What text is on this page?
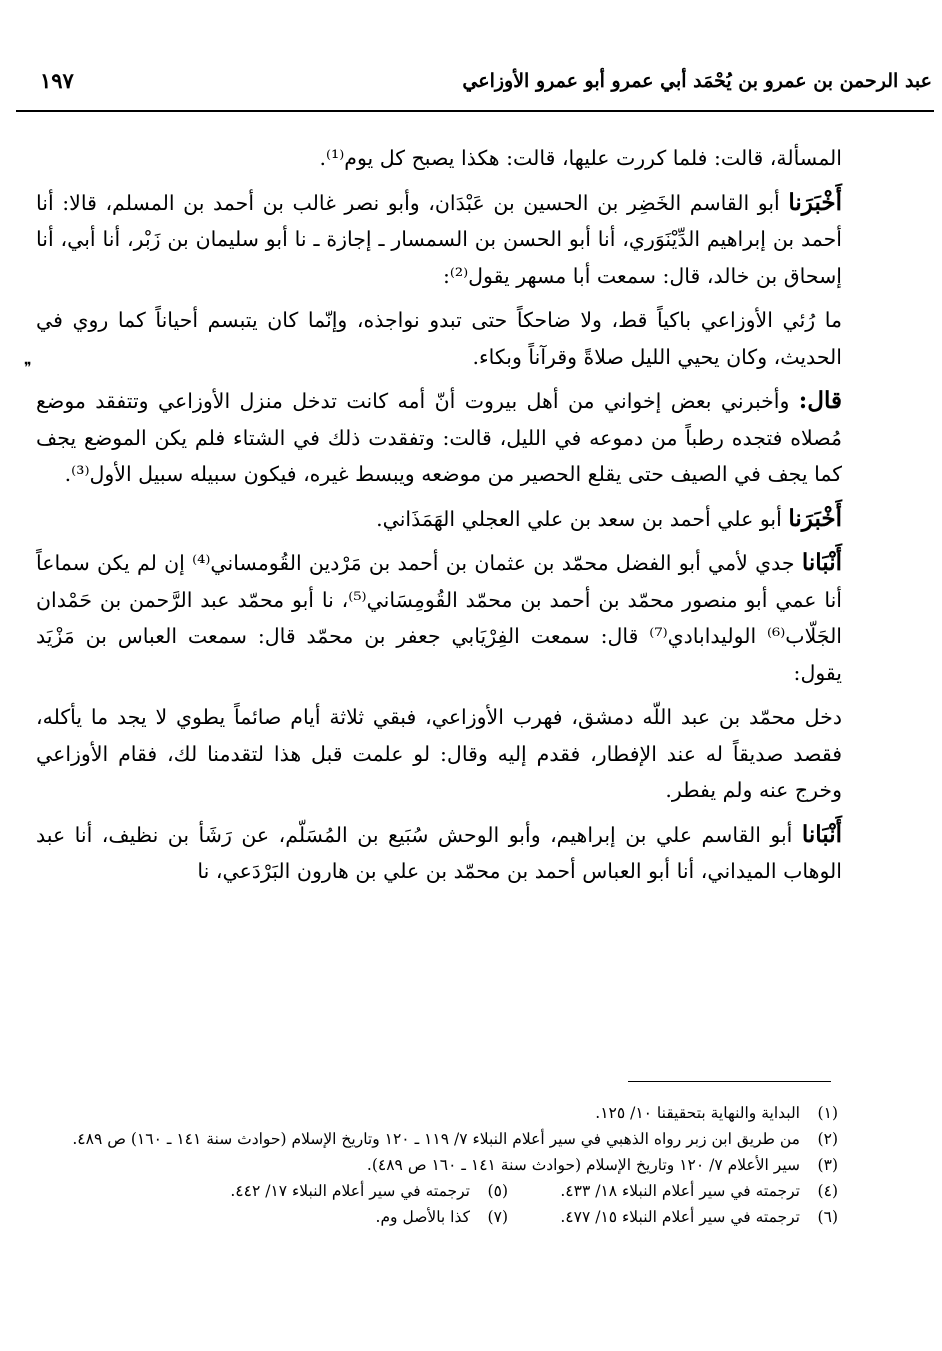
عبد الرحمن بن عمرو بن يُحْمَد أبي عمرو أبو عمرو الأوزاعي
١٩٧

المسألة، قالت: فلما كررت عليها، قالت: هكذا يصبح كل يوم⁽¹⁾.

أَخْبَرَنا أبو القاسم الخَضِر بن الحسين بن عَبْدَان، وأبو نصر غالب بن أحمد بن المسلم، قالا: أنا أحمد بن إبراهيم الدِّيْنَوَري، أنا أبو الحسن بن السمسار ـ إجازة ـ نا أبو سليمان بن زَبْر، أنا أبي، أنا إسحاق بن خالد، قال: سمعت أبا مسهر يقول⁽²⁾:

ما رُئي الأوزاعي باكياً قط، ولا ضاحكاً حتى تبدو نواجذه، وإنّما كان يتبسم أحياناً كما روي في الحديث، وكان يحيي الليل صلاةً وقرآناً وبكاء.

قال: وأخبرني بعض إخواني من أهل بيروت أنّ أمه كانت تدخل منزل الأوزاعي وتتفقد موضع مُصلاه فتجده رطباً من دموعه في الليل، قالت: وتفقدت ذلك في الشتاء فلم يكن الموضع يجف كما يجف في الصيف حتى يقلع الحصير من موضعه ويبسط غيره، فيكون سبيله سبيل الأول⁽³⁾.

أَخْبَرَنا أبو علي أحمد بن سعد بن علي العجلي الهَمَذَاني.

أَنْبَانا جدي لأمي أبو الفضل محمّد بن عثمان بن أحمد بن مَرْدين القُومساني⁽⁴⁾ إن لم يكن سماعاً أنا عمي أبو منصور محمّد بن أحمد بن محمّد القُومِسَاني⁽⁵⁾، نا أبو محمّد عبد الرَّحمن بن حَمْدان الجَلّاب⁽⁶⁾ الوليدابادي⁽⁷⁾ قال: سمعت الفِرْيَابي جعفر بن محمّد قال: سمعت العباس بن مَزْيَد يقول:

دخل محمّد بن عبد اللّه دمشق، فهرب الأوزاعي، فبقي ثلاثة أيام صائماً يطوي لا يجد ما يأكله، فقصد صديقاً له عند الإفطار، فقدم إليه وقال: لو علمت قبل هذا لتقدمنا لك، فقام الأوزاعي وخرج عنه ولم يفطر.

أَنْبَانا أبو القاسم علي بن إبراهيم، وأبو الوحش سُبَيع بن المُسَلّم، عن رَشَأ بن نظيف، أنا عبد الوهاب الميداني، أنا أبو العباس أحمد بن محمّد بن علي بن هارون البَرْدَعي، نا

❞
(١)
البداية والنهاية بتحقيقنا ١٠/ ١٢٥.
(٢)
من طريق ابن زبر رواه الذهبي في سير أعلام النبلاء ٧/ ١١٩ ـ ١٢٠ وتاريخ الإسلام (حوادث سنة ١٤١ ـ ١٦٠) ص ٤٨٩.
(٣)
سير الأعلام ٧/ ١٢٠ وتاريخ الإسلام (حوادث سنة ١٤١ ـ ١٦٠ ص ٤٨٩).
(٤)
ترجمته في سير أعلام النبلاء ١٨/ ٤٣٣.
(٥)
ترجمته في سير أعلام النبلاء ١٧/ ٤٤٢.
(٦)
ترجمته في سير أعلام النبلاء ١٥/ ٤٧٧.
(٧)
كذا بالأصل وم.
